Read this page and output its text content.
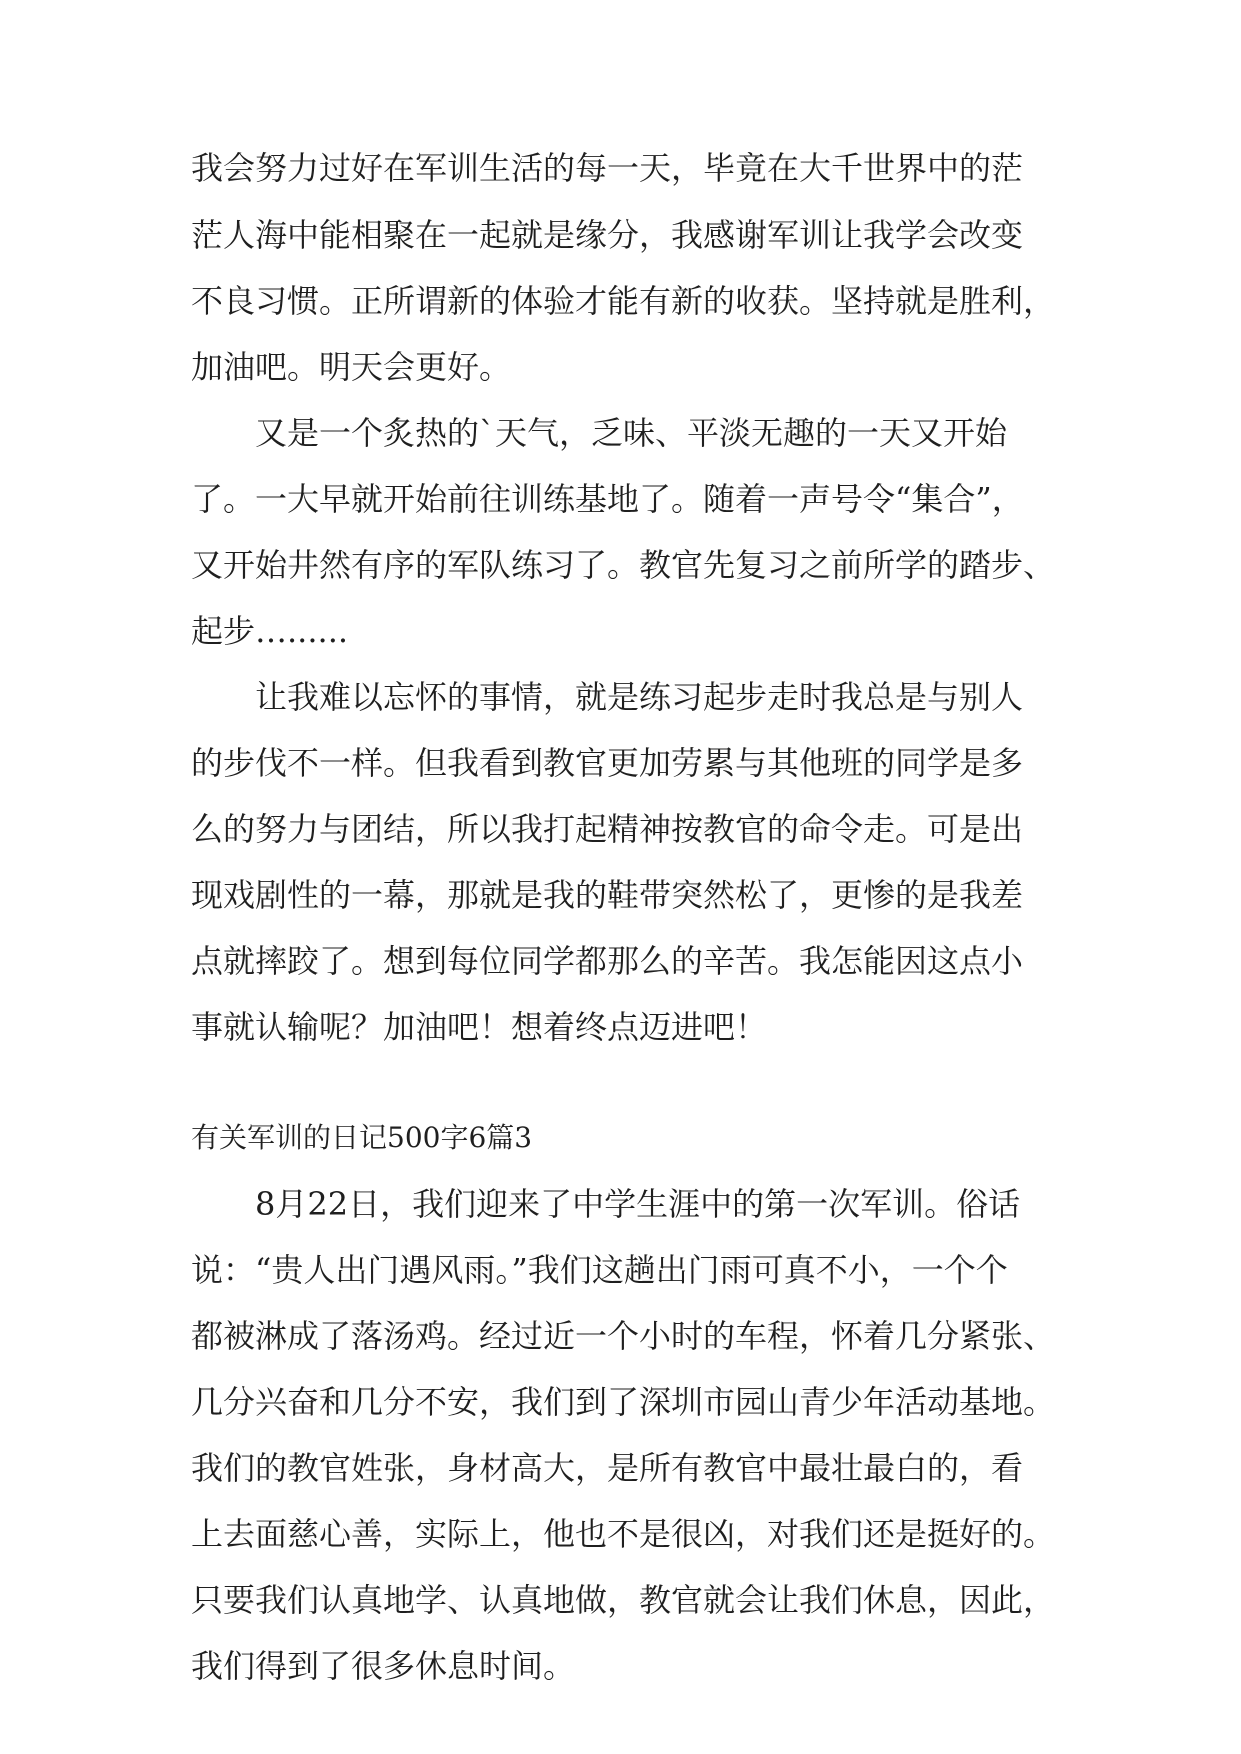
我会努力过好在军训生活的每一天，毕竟在大千世界中的茫

茫人海中能相聚在一起就是缘分，我感谢军训让我学会改变

不良习惯。正所谓新的体验才能有新的收获。坚持就是胜利，

加油吧。明天会更好。

又是一个炙热的`天气，乏味、平淡无趣的一天又开始

了。一大早就开始前往训练基地了。随着一声号令“集合”，

又开始井然有序的军队练习了。教官先复习之前所学的踏步、

起步…......

让我难以忘怀的事情，就是练习起步走时我总是与别人

的步伐不一样。但我看到教官更加劳累与其他班的同学是多

么的努力与团结，所以我打起精神按教官的命令走。可是出

现戏剧性的一幕，那就是我的鞋带突然松了，更惨的是我差

点就摔跤了。想到每位同学都那么的辛苦。我怎能因这点小

事就认输呢？加油吧！想着终点迈进吧！

有关军训的日记500字6篇3

8月22日，我们迎来了中学生涯中的第一次军训。俗话

说：“贵人出门遇风雨。”我们这趟出门雨可真不小，一个个

都被淋成了落汤鸡。经过近一个小时的车程，怀着几分紧张、

几分兴奋和几分不安，我们到了深圳市园山青少年活动基地。

我们的教官姓张，身材高大，是所有教官中最壮最白的，看

上去面慈心善，实际上，他也不是很凶，对我们还是挺好的。

只要我们认真地学、认真地做，教官就会让我们休息，因此，

我们得到了很多休息时间。
